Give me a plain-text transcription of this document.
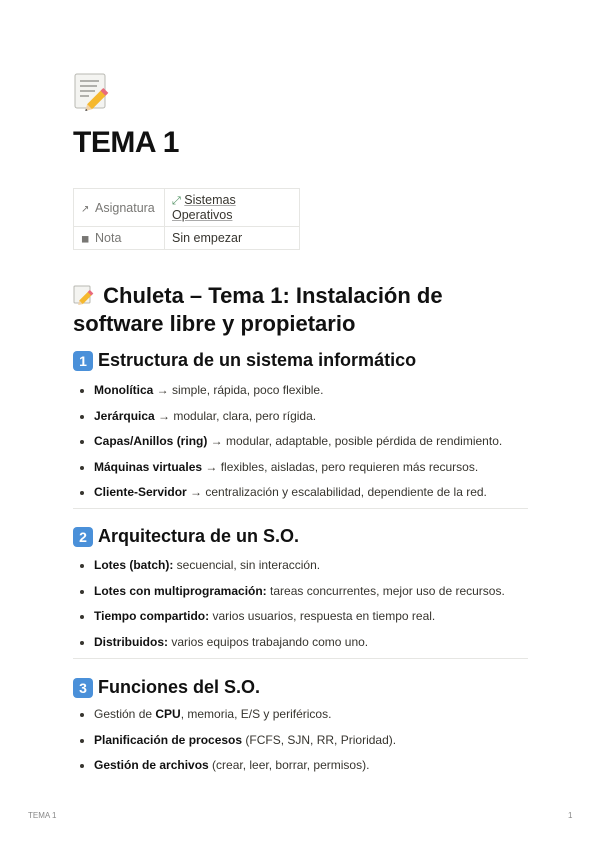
TEMA 1
↗ Asignatura	⤢ Sistemas Operativos
◼ Nota	Sin empezar
Chuleta – Tema 1: Instalación de software libre y propietario
1 Estructura de un sistema informático
Monolítica → simple, rápida, poco flexible.
Jerárquica → modular, clara, pero rígida.
Capas/Anillos (ring) → modular, adaptable, posible pérdida de rendimiento.
Máquinas virtuales → flexibles, aisladas, pero requieren más recursos.
Cliente-Servidor → centralización y escalabilidad, dependiente de la red.
2 Arquitectura de un S.O.
Lotes (batch): secuencial, sin interacción.
Lotes con multiprogramación: tareas concurrentes, mejor uso de recursos.
Tiempo compartido: varios usuarios, respuesta en tiempo real.
Distribuidos: varios equipos trabajando como uno.
3 Funciones del S.O.
Gestión de CPU, memoria, E/S y periféricos.
Planificación de procesos (FCFS, SJN, RR, Prioridad).
Gestión de archivos (crear, leer, borrar, permisos).
TEMA 1	1
